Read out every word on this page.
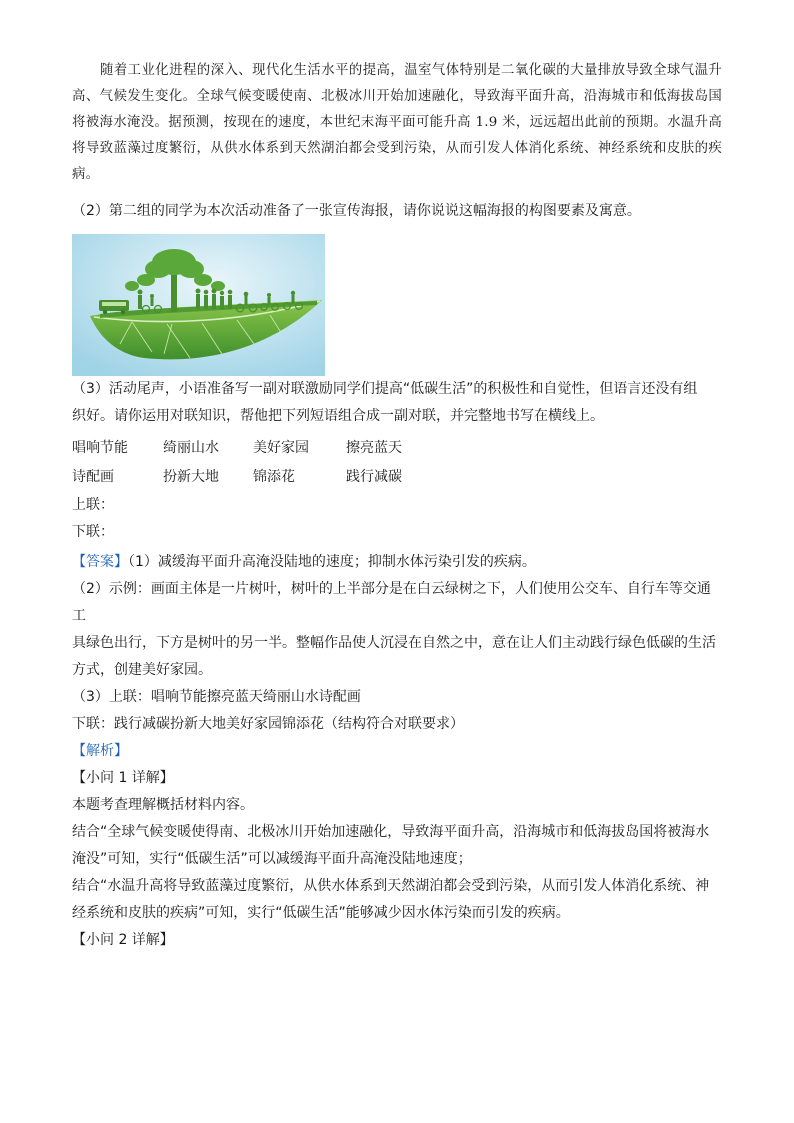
随着工业化进程的深入、现代化生活水平的提高，温室气体特别是二氧化碳的大量排放导致全球气温升高、气候发生变化。全球气候变暖使南、北极冰川开始加速融化，导致海平面升高，沿海城市和低海拔岛国将被海水淹没。据预测，按现在的速度，本世纪末海平面可能升高 1.9 米，远远超出此前的预期。水温升高将导致蓝藻过度繁衍，从供水体系到天然湖泊都会受到污染，从而引发人体消化系统、神经系统和皮肤的疾病。

（2）第二组的同学为本次活动准备了一张宣传海报，请你说说这幅海报的构图要素及寓意。

（3）活动尾声，小语准备写一副对联激励同学们提高“低碳生活”的积极性和自觉性，但语言还没有组

织好。请你运用对联知识，帮他把下列短语组合成一副对联，并完整地书写在横线上。

唱响节能	绮丽山水	美好家园	擦亮蓝天
诗配画	扮新大地	锦添花	践行减碳

上联：

下联：

【答案】（1）减缓海平面升高淹没陆地的速度；抑制水体污染引发的疾病。

（2）示例：画面主体是一片树叶，树叶的上半部分是在白云绿树之下，人们使用公交车、自行车等交通工

具绿色出行，下方是树叶的另一半。整幅作品使人沉浸在自然之中，意在让人们主动践行绿色低碳的生活

方式，创建美好家园。

（3）上联：唱响节能擦亮蓝天绮丽山水诗配画

下联：践行减碳扮新大地美好家园锦添花（结构符合对联要求）

【解析】

【小问 1 详解】

本题考查理解概括材料内容。

结合“全球气候变暖使得南、北极冰川开始加速融化，导致海平面升高，沿海城市和低海拔岛国将被海水

淹没”可知，实行“低碳生活”可以减缓海平面升高淹没陆地速度；

结合“水温升高将导致蓝藻过度繁衍，从供水体系到天然湖泊都会受到污染，从而引发人体消化系统、神

经系统和皮肤的疾病”可知，实行“低碳生活”能够减少因水体污染而引发的疾病。

【小问 2 详解】
